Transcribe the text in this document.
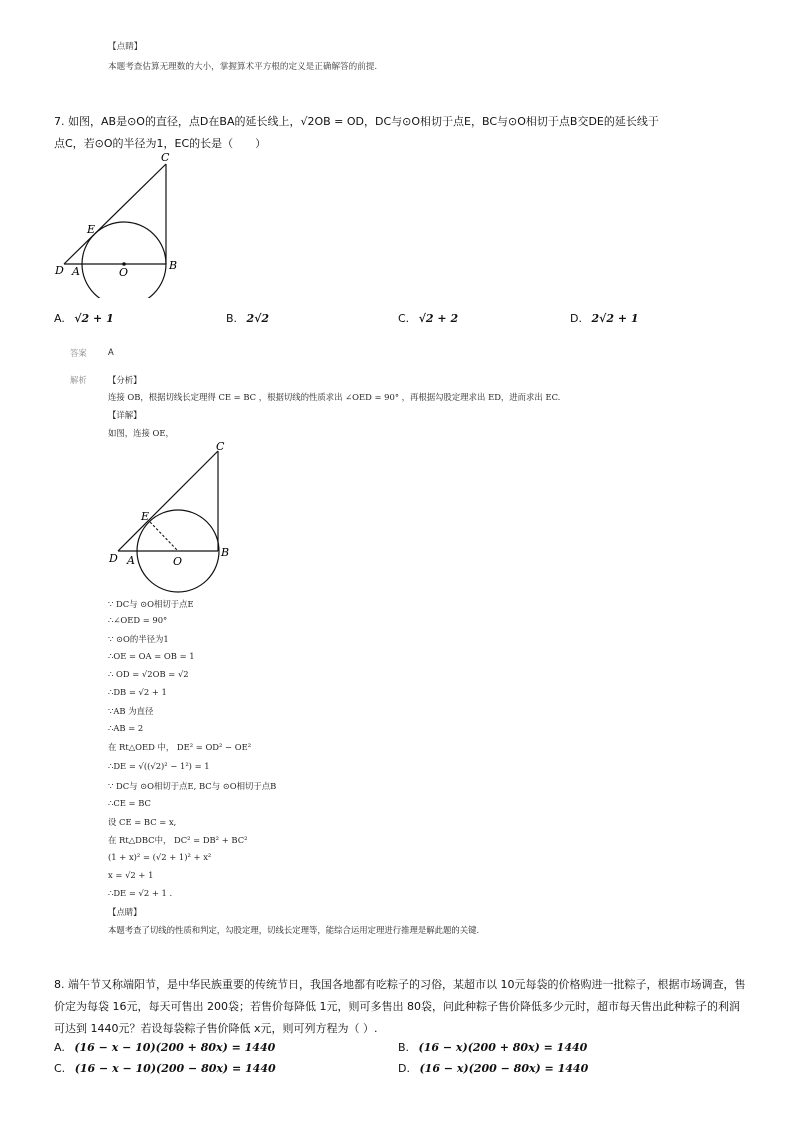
【点睛】
本题考查估算无理数的大小，掌握算术平方根的定义是正确解答的前提.
7. 如图，AB是⊙O的直径，点D在BA的延长线上，√2OB = OD，DC与⊙O相切于点E，BC与⊙O相切于点B交DE的延长线于
点C，若⊙O的半径为1，EC的长是（　　）
C
E
D A	O
B
A. √2 + 1	B. 2√2	C. √2 + 2	D. 2√2 + 1
答案	A
解析	【分析】
连接 OB，根据切线长定理得 CE = BC ，根据切线的性质求出 ∠OED = 90° ，再根据勾股定理求出 ED，进而求出 EC.
【详解】
如图，连接 OE，
C
E
D A	O
B
∵ DC与 ⊙O相切于点E
∴∠OED = 90°
∵ ⊙O的半径为1
∴OE = OA = OB = 1
∴ OD = √2OB = √2
∴DB = √2 + 1
∵AB 为直径
∴AB = 2
在 Rt△OED 中， DE² = OD² − OE²
∴DE = √((√2)² − 1²) = 1
∵ DC与 ⊙O相切于点E, BC与 ⊙O相切于点B
∴CE = BC
设 CE = BC = x,
在 Rt△DBC中， DC² = DB² + BC²
(1 + x)² = (√2 + 1)² + x²
x = √2 + 1
∴DE = √2 + 1 .
【点睛】
本题考查了切线的性质和判定，勾股定理，切线长定理等，能综合运用定理进行推理是解此题的关键.
8. 端午节又称端阳节，是中华民族重要的传统节日，我国各地都有吃粽子的习俗，某超市以 10元每袋的价格购进一批粽子，根据市场调查，售
价定为每袋 16元，每天可售出 200袋；若售价每降低 1元，则可多售出 80袋，问此种粽子售价降低多少元时，超市每天售出此种粽子的利润
可达到 1440元？若设每袋粽子售价降低 x元，则可列方程为（ ）.
A. (16 − x − 10)(200 + 80x) = 1440	B. (16 − x)(200 + 80x) = 1440
C. (16 − x − 10)(200 − 80x) = 1440	D. (16 − x)(200 − 80x) = 1440
